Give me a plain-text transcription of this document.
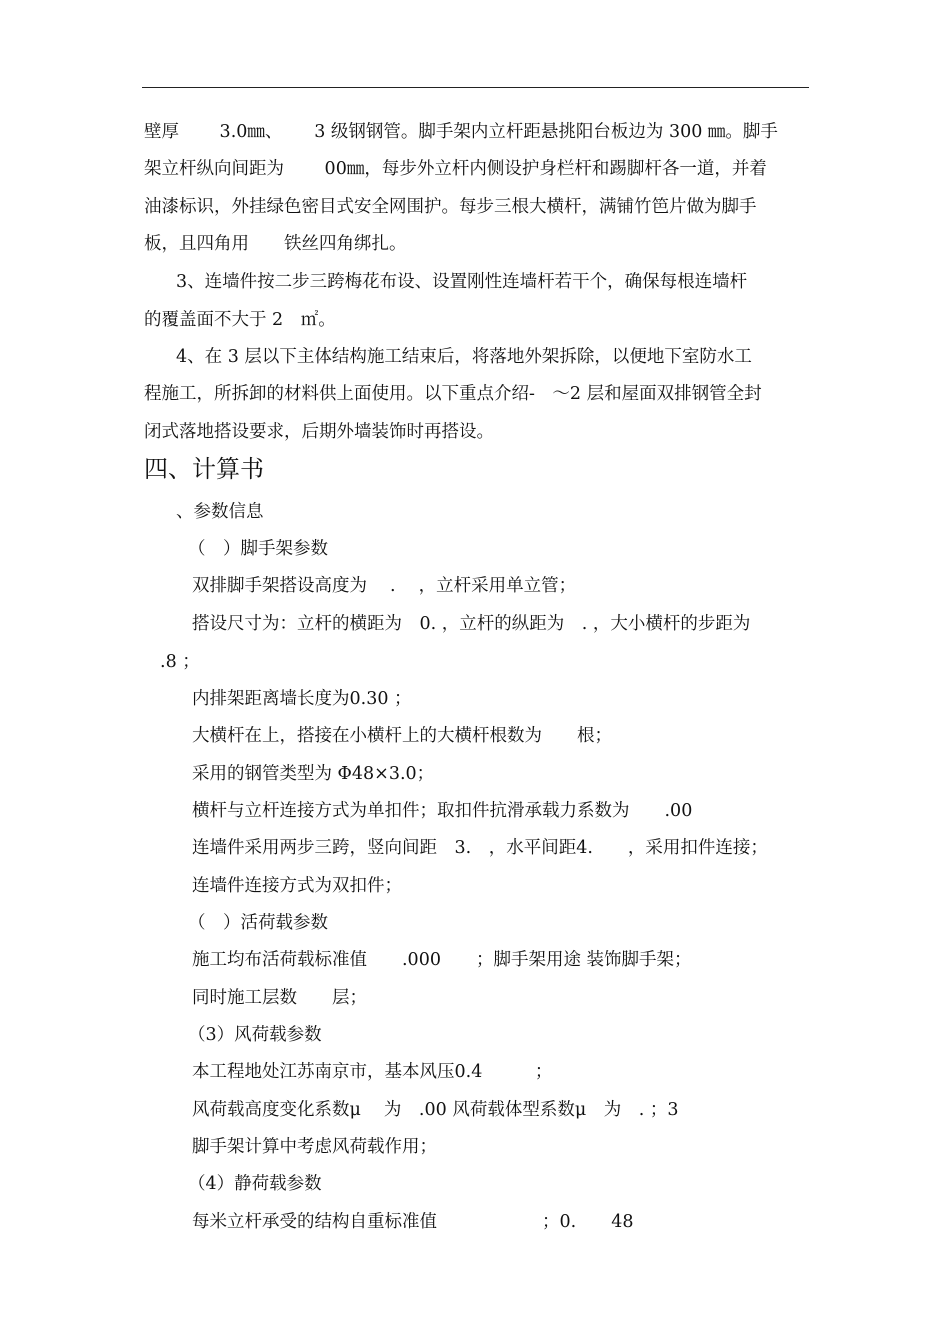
壁厚　　 3.0㎜、　　 3 级钢钢管。脚手架内立杆距悬挑阳台板边为 300 ㎜。脚手
架立杆纵向间距为　　 00㎜，每步外立杆内侧设护身栏杆和踢脚杆各一道，并着
油漆标识，外挂绿色密目式安全网围护。每步三根大横杆，满铺竹笆片做为脚手
板，且四角用　　铁丝四角绑扎。
3、连墙件按二步三跨梅花布设、设置刚性连墙杆若干个，确保每根连墙杆
的覆盖面不大于 2　㎡。
4、在 3 层以下主体结构施工结束后，将落地外架拆除，以便地下室防水工
程施工，所拆卸的材料供上面使用。以下重点介绍-　～2 层和屋面双排钢管全封
闭式落地搭设要求，后期外墙装饰时再搭设。
四、计算书
、参数信息
（　）脚手架参数
双排脚手架搭设高度为　 .　 ，立杆采用单立管；
搭设尺寸为：立杆的横距为　0. ，立杆的纵距为　. ，大小横杆的步距为
.8 ；
内排架距离墙长度为0.30 ；
大横杆在上，搭接在小横杆上的大横杆根数为　　根；
采用的钢管类型为 Φ48×3.0；
横杆与立杆连接方式为单扣件；取扣件抗滑承载力系数为　　.00
连墙件采用两步三跨，竖向间距　3.　，水平间距4.　　，采用扣件连接；
连墙件连接方式为双扣件；
（　）活荷载参数
施工均布活荷载标准值　　.000　　；脚手架用途 装饰脚手架；
同时施工层数　　层；
（3）风荷载参数
本工程地处江苏南京市，基本风压0.4　　　；
风荷载高度变化系数μ　 为　.00 风荷载体型系数μ　为　. ；3
脚手架计算中考虑风荷载作用；
（4）静荷载参数
每米立杆承受的结构自重标准值　　　　　　；0.　　48
